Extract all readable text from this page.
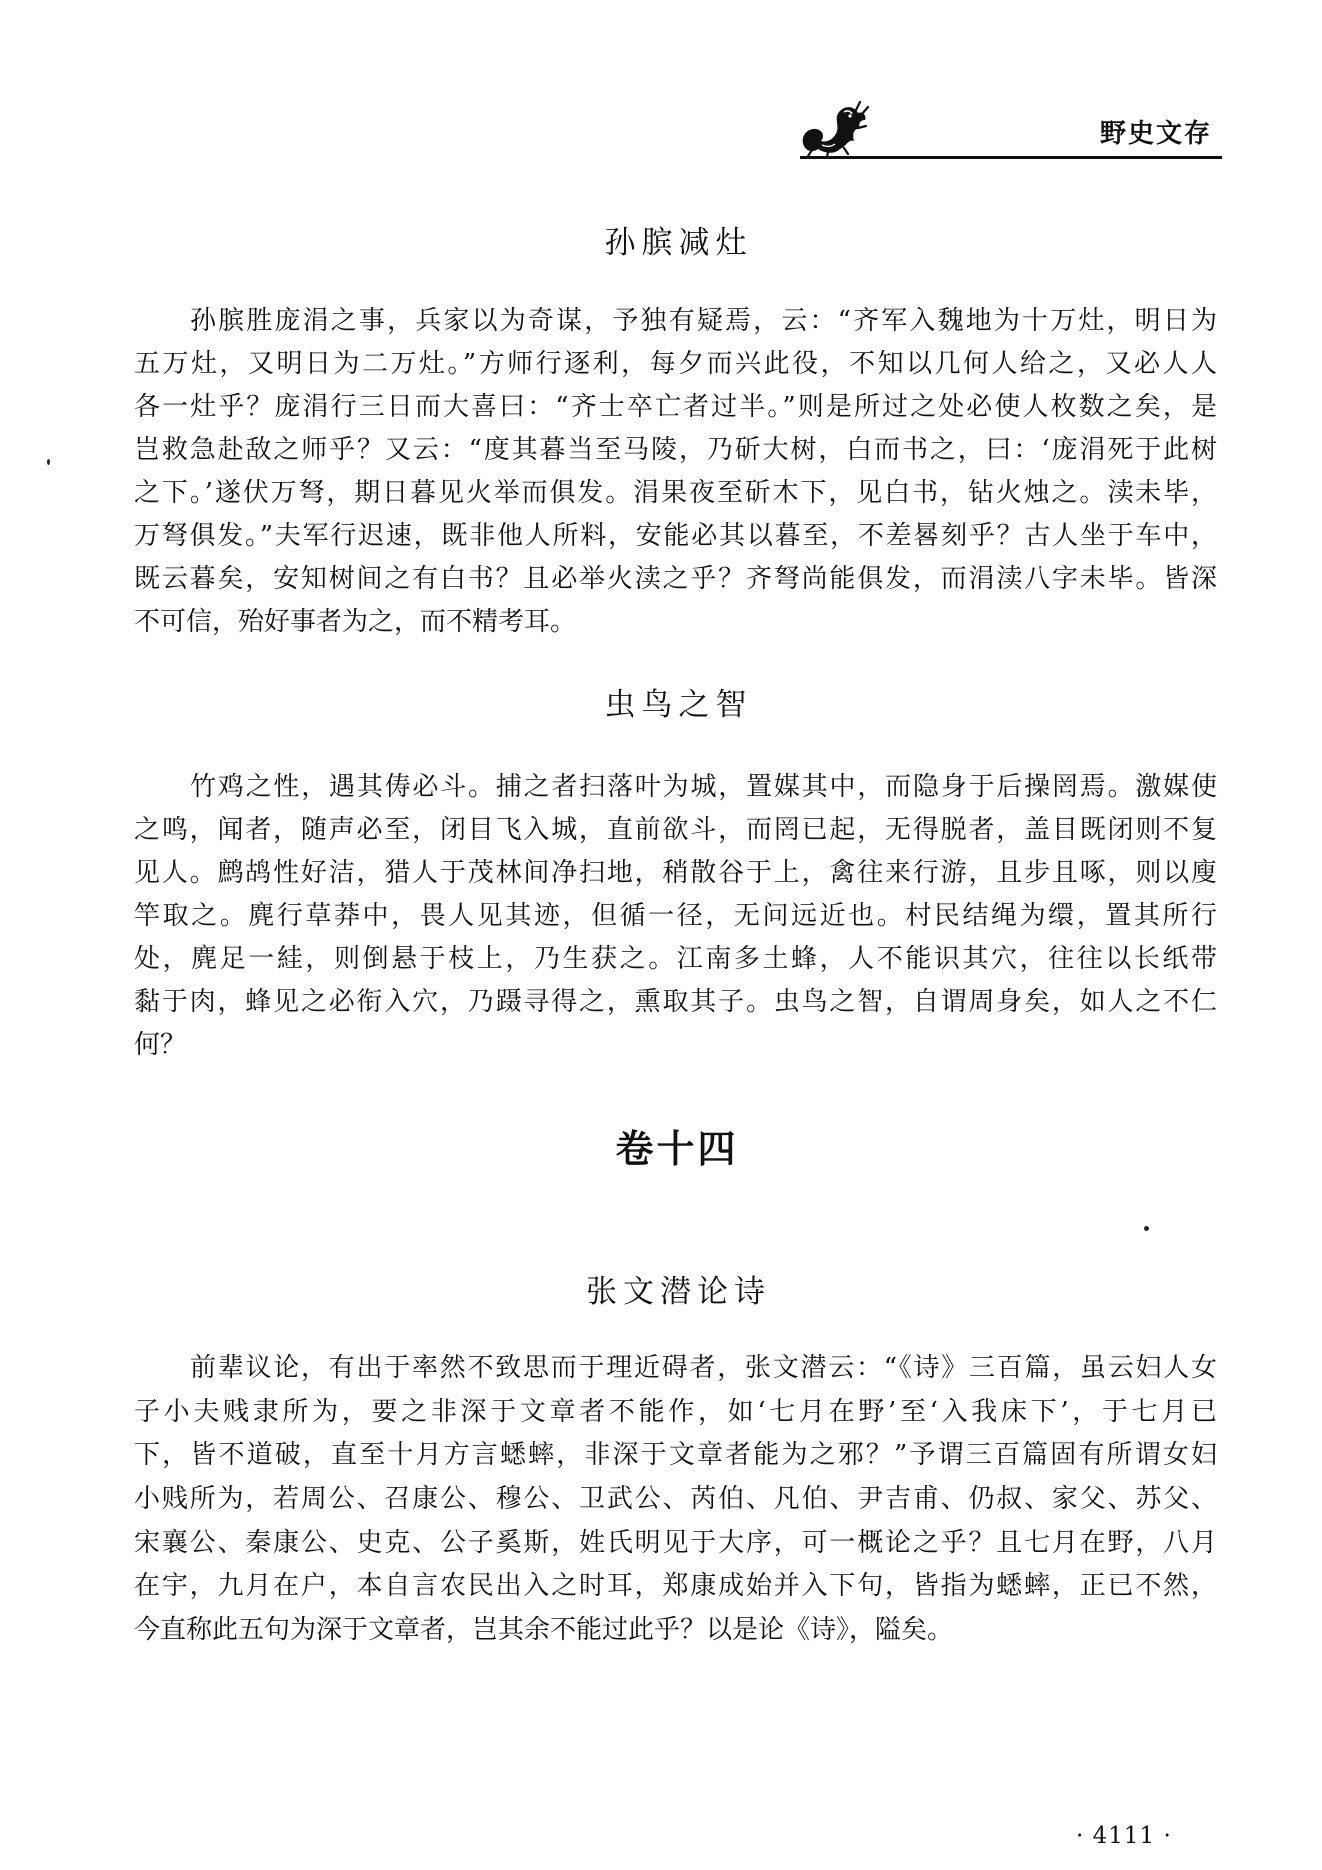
野史文存
孙膑减灶
孙膑胜庞涓之事，兵家以为奇谋，予独有疑焉，云：“齐军入魏地为十万灶，明日为
五万灶，又明日为二万灶。”方师行逐利，每夕而兴此役，不知以几何人给之，又必人人
各一灶乎？庞涓行三日而大喜曰：“齐士卒亡者过半。”则是所过之处必使人枚数之矣，是
岂救急赴敌之师乎？又云：“度其暮当至马陵，乃斫大树，白而书之，曰：‘庞涓死于此树
之下。’遂伏万弩，期日暮见火举而俱发。涓果夜至斫木下，见白书，钻火烛之。渎未毕，
万弩俱发。”夫军行迟速，既非他人所料，安能必其以暮至，不差晷刻乎？古人坐于车中，
既云暮矣，安知树间之有白书？且必举火渎之乎？齐弩尚能俱发，而涓渎八字未毕。皆深
不可信，殆好事者为之，而不精考耳。
虫鸟之智
竹鸡之性，遇其俦必斗。捕之者扫落叶为城，置媒其中，而隐身于后操罔焉。激媒使
之鸣，闻者，随声必至，闭目飞入城，直前欲斗，而罔已起，无得脱者，盖目既闭则不复
见人。鹧鸪性好洁，猎人于茂林间净扫地，稍散谷于上，禽往来行游，且步且啄，则以廋
竿取之。麂行草莽中，畏人见其迹，但循一径，无问远近也。村民结绳为缳，置其所行
处，麂足一絓，则倒悬于枝上，乃生获之。江南多土蜂，人不能识其穴，往往以长纸带
黏于肉，蜂见之必衔入穴，乃蹑寻得之，熏取其子。虫鸟之智，自谓周身矣，如人之不仁
何？
卷十四
张文潜论诗
前辈议论，有出于率然不致思而于理近碍者，张文潜云：“《诗》三百篇，虽云妇人女
子小夫贱隶所为，要之非深于文章者不能作，如‘七月在野’至‘入我床下’，于七月已
下，皆不道破，直至十月方言蟋蟀，非深于文章者能为之邪？”予谓三百篇固有所谓女妇
小贱所为，若周公、召康公、穆公、卫武公、芮伯、凡伯、尹吉甫、仍叔、家父、苏父、
宋襄公、秦康公、史克、公子奚斯，姓氏明见于大序，可一概论之乎？且七月在野，八月
在宇，九月在户，本自言农民出入之时耳，郑康成始并入下句，皆指为蟋蟀，正已不然，
今直称此五句为深于文章者，岂其余不能过此乎？以是论《诗》，隘矣。
· 4111 ·
